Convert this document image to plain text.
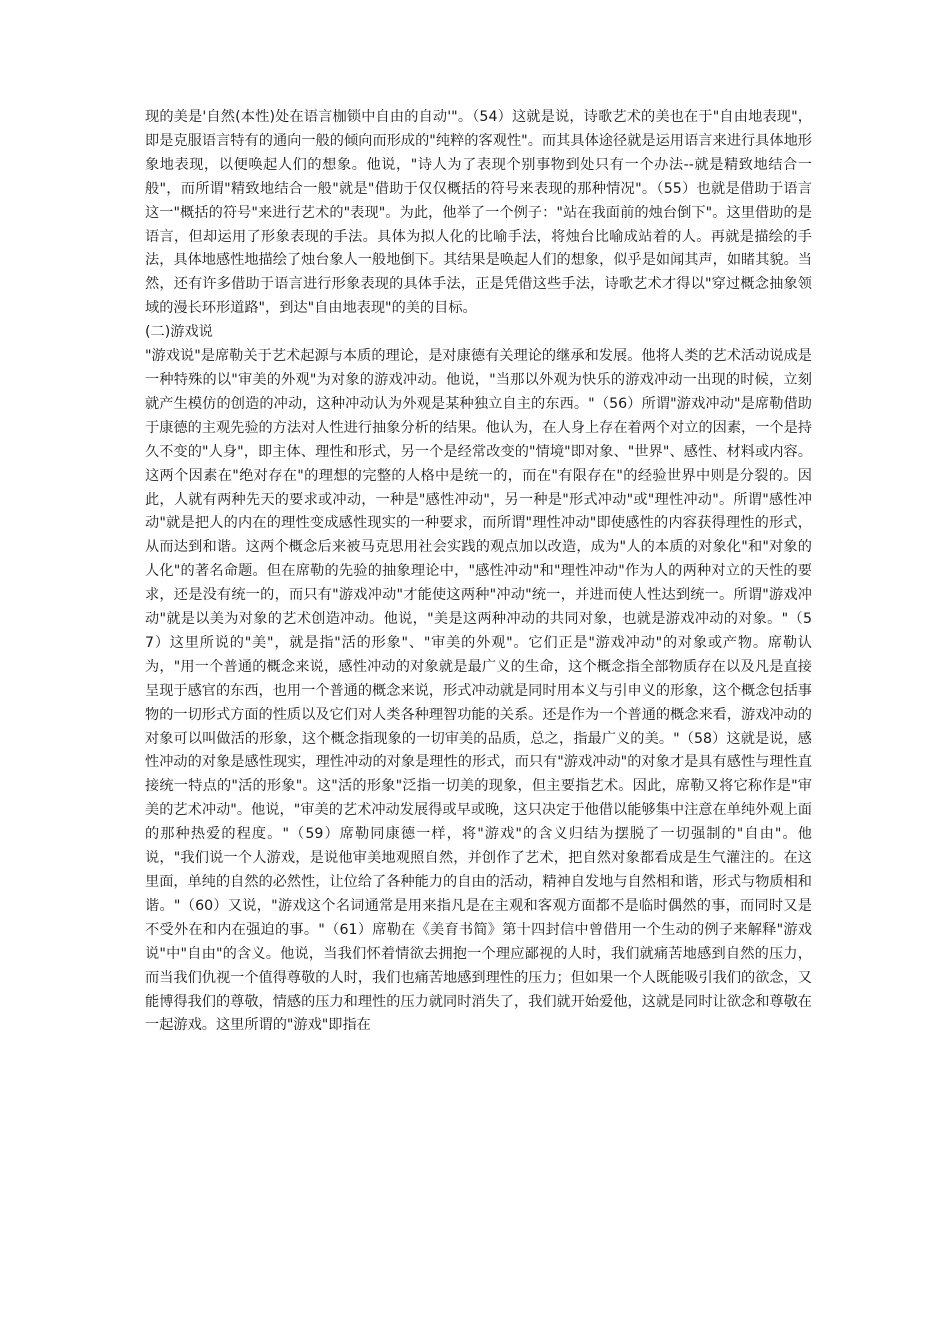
现的美是'自然(本性)处在语言枷锁中自由的自动'"。（54）这就是说，诗歌艺术的美也在于"自由地表现"，即是克服语言特有的通向一般的倾向而形成的"纯粹的客观性"。而其具体途径就是运用语言来进行具体地形象地表现，以便唤起人们的想象。他说，"诗人为了表现个别事物到处只有一个办法--就是精致地结合一般"，而所谓"精致地结合一般"就是"借助于仅仅概括的符号来表现的那种情况"。（55）也就是借助于语言这一"概括的符号"来进行艺术的"表现"。为此，他举了一个例子："站在我面前的烛台倒下"。这里借助的是语言，但却运用了形象表现的手法。具体为拟人化的比喻手法，将烛台比喻成站着的人。再就是描绘的手法，具体地感性地描绘了烛台象人一般地倒下。其结果是唤起人们的想象，似乎是如闻其声，如睹其貌。当然，还有许多借助于语言进行形象表现的具体手法，正是凭借这些手法，诗歌艺术才得以"穿过概念抽象领域的漫长环形道路"，到达"自由地表现"的美的目标。

(二)游戏说

"游戏说"是席勒关于艺术起源与本质的理论，是对康德有关理论的继承和发展。他将人类的艺术活动说成是一种特殊的以"审美的外观"为对象的游戏冲动。他说，"当那以外观为快乐的游戏冲动一出现的时候，立刻就产生模仿的创造的冲动，这种冲动认为外观是某种独立自主的东西。"（56）所谓"游戏冲动"是席勒借助于康德的主观先验的方法对人性进行抽象分析的结果。他认为，在人身上存在着两个对立的因素，一个是持久不变的"人身"，即主体、理性和形式，另一个是经常改变的"情境"即对象、"世界"、感性、材料或内容。这两个因素在"绝对存在"的理想的完整的人格中是统一的，而在"有限存在"的经验世界中则是分裂的。因此，人就有两种先天的要求或冲动，一种是"感性冲动"，另一种是"形式冲动"或"理性冲动"。所谓"感性冲动"就是把人的内在的理性变成感性现实的一种要求，而所谓"理性冲动"即使感性的内容获得理性的形式，从而达到和谐。这两个概念后来被马克思用社会实践的观点加以改造，成为"人的本质的对象化"和"对象的人化"的著名命题。但在席勒的先验的抽象理论中，"感性冲动"和"理性冲动"作为人的两种对立的天性的要求，还是没有统一的，而只有"游戏冲动"才能使这两种"冲动"统一，并进而使人性达到统一。所谓"游戏冲动"就是以美为对象的艺术创造冲动。他说，"美是这两种冲动的共同对象，也就是游戏冲动的对象。"（57）这里所说的"美"，就是指"活的形象"、"审美的外观"。它们正是"游戏冲动"的对象或产物。席勒认为，"用一个普通的概念来说，感性冲动的对象就是最广义的生命，这个概念指全部物质存在以及凡是直接呈现于感官的东西，也用一个普通的概念来说，形式冲动就是同时用本义与引申义的形象，这个概念包括事物的一切形式方面的性质以及它们对人类各种理智功能的关系。还是作为一个普通的概念来看，游戏冲动的对象可以叫做活的形象，这个概念指现象的一切审美的品质，总之，指最广义的美。"（58）这就是说，感性冲动的对象是感性现实，理性冲动的对象是理性的形式，而只有"游戏冲动"的对象才是具有感性与理性直接统一特点的"活的形象"。这"活的形象"泛指一切美的现象，但主要指艺术。因此，席勒又将它称作是"审美的艺术冲动"。他说，"审美的艺术冲动发展得或早或晚，这只决定于他借以能够集中注意在单纯外观上面的那种热爱的程度。"（59）席勒同康德一样，将"游戏"的含义归结为摆脱了一切强制的"自由"。他说，"我们说一个人游戏，是说他审美地观照自然，并创作了艺术，把自然对象都看成是生气灌注的。在这里面，单纯的自然的必然性，让位给了各种能力的自由的活动，精神自发地与自然相和谐，形式与物质相和谐。"（60）又说，"游戏这个名词通常是用来指凡是在主观和客观方面都不是临时偶然的事，而同时又是不受外在和内在强迫的事。"（61）席勒在《美育书简》第十四封信中曾借用一个生动的例子来解释"游戏说"中"自由"的含义。他说，当我们怀着情欲去拥抱一个理应鄙视的人时，我们就痛苦地感到自然的压力，而当我们仇视一个值得尊敬的人时，我们也痛苦地感到理性的压力；但如果一个人既能吸引我们的欲念，又能博得我们的尊敬，情感的压力和理性的压力就同时消失了，我们就开始爱他，这就是同时让欲念和尊敬在一起游戏。这里所谓的"游戏"即指在
